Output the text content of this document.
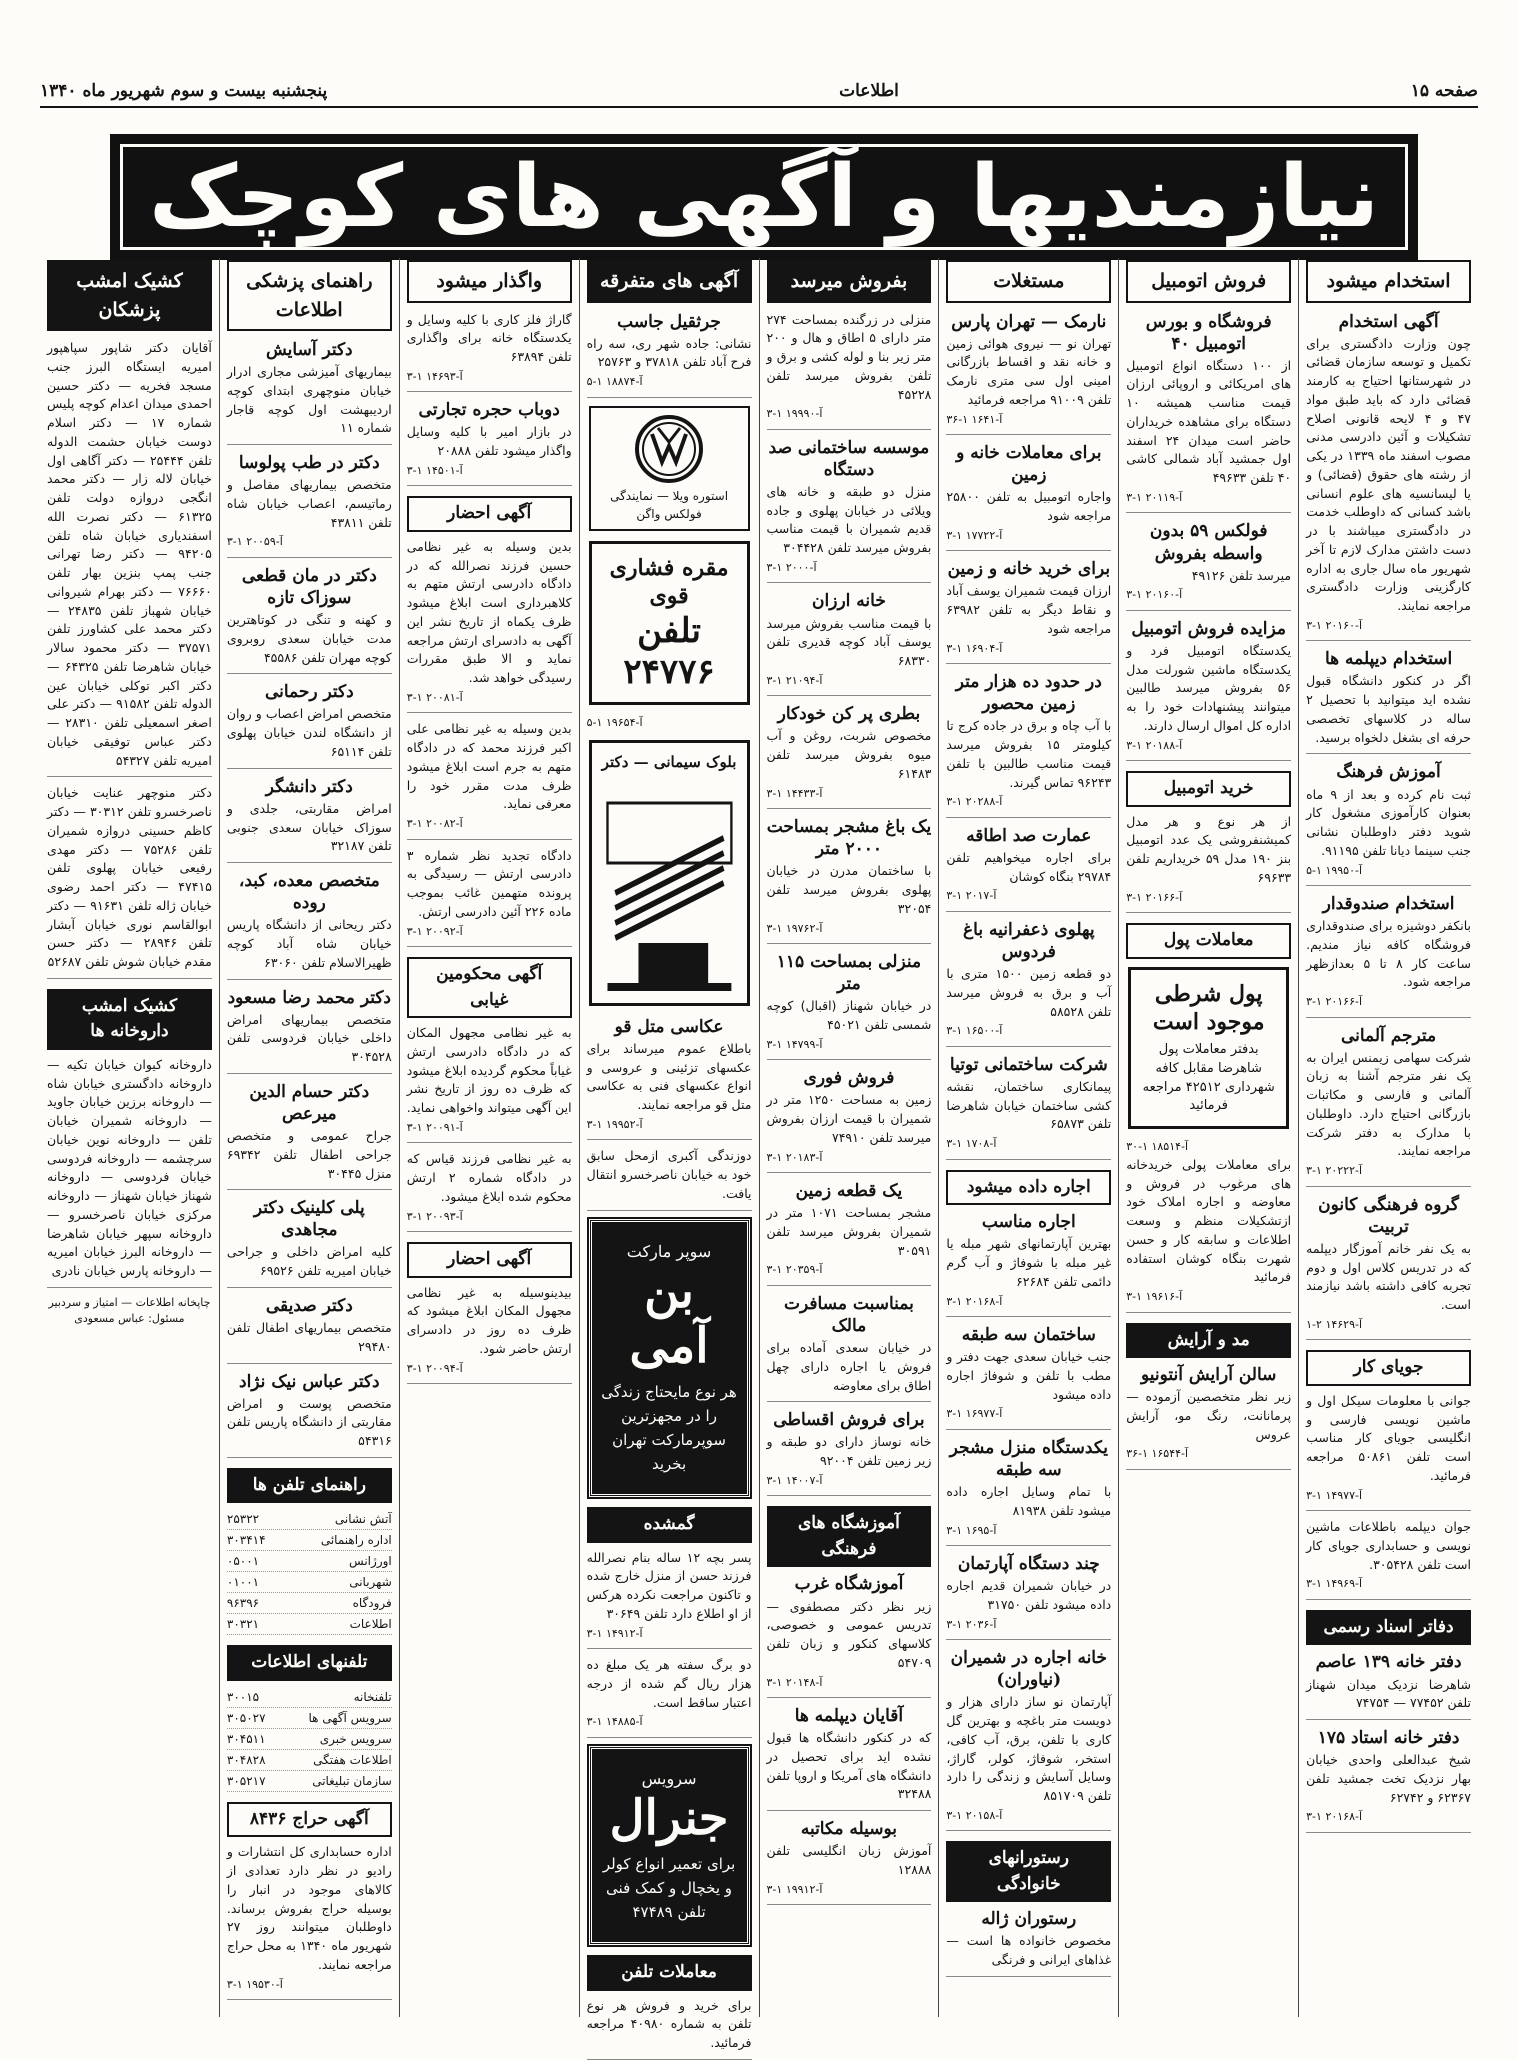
صفحه ۱۵
اطلاعات
پنجشنبه بیست و سوم شهریور ماه ۱۳۴۰
نیازمندیها و آگهی های کوچک
استخدام میشود
آگهی استخدام
چون وزارت دادگستری برای تکمیل و توسعه سازمان قضائی در شهرستانها احتیاج به کارمند قضائی دارد که باید طبق مواد ۴۷ و ۴ لایحه قانونی اصلاح تشکیلات و آئین دادرسی مدنی مصوب اسفند ماه ۱۳۳۹ در یکی از رشته های حقوق (قضائی) و یا لیسانسیه های علوم انسانی باشد کسانی که داوطلب خدمت در دادگستری میباشند با در دست داشتن مدارک لازم تا آخر شهریور ماه سال جاری به اداره کارگزینی وزارت دادگستری مراجعه نمایند.
آ-۲۰۱۶۰ ۱-۳
استخدام دیپلمه ها
اگر در کنکور دانشگاه قبول نشده اید میتوانید با تحصیل ۲ ساله در کلاسهای تخصصی حرفه ای بشغل دلخواه برسید.
آموزش فرهنگ
ثبت نام کرده و بعد از ۹ ماه بعنوان کارآموزی مشغول کار شوید دفتر داوطلبان نشانی جنب سینما دیانا تلفن ۹۱۱۹۵.
آ-۱۹۹۵۰ ۱-۵
استخدام صندوقدار
بانکفر دوشیزه برای صندوقداری فروشگاه کافه نیاز مندیم. ساعت کار ۸ تا ۵ بعدازظهر مراجعه شود.
آ-۲۰۱۶۶ ۱-۳
مترجم آلمانی
شرکت سهامی زیمنس ایران به یک نفر مترجم آشنا به زبان آلمانی و فارسی و مکاتبات بازرگانی احتیاج دارد. داوطلبان با مدارک به دفتر شرکت مراجعه نمایند.
آ-۲۰۲۲۲ ۱-۳
گروه فرهنگی کانون تربیت
به یک نفر خانم آموزگار دیپلمه که در تدریس کلاس اول و دوم تجربه کافی داشته باشد نیازمند است.
آ-۱۴۶۲۹ ۲-۱
جویای کار
جوانی با معلومات سیکل اول و ماشین نویسی فارسی و انگلیسی جویای کار مناسب است تلفن ۵۰۸۶۱ مراجعه فرمائید.
آ-۱۴۹۷۷ ۱-۳
جوان دیپلمه باطلاعات ماشین نویسی و حسابداری جویای کار است تلفن ۳۰۵۴۲۸.
آ-۱۴۹۶۹ ۱-۳
دفاتر اسناد رسمی
دفتر خانه ۱۳۹ عاصم
شاهرضا نزدیک میدان شهناز تلفن ۷۷۴۵۲ — ۷۴۷۵۴
دفتر خانه استاد ۱۷۵
شیخ عبدالعلی واحدی خیابان بهار نزدیک تخت جمشید تلفن ۶۲۳۶۷ و ۶۲۷۴۲
آ-۲۰۱۶۸ ۱-۳
فروش اتومبیل
فروشگاه و بورس اتومبیل ۴۰
از ۱۰۰ دستگاه انواع اتومبیل های امریکائی و اروپائی ارزان قیمت مناسب همیشه ۱۰ دستگاه برای مشاهده خریداران حاضر است میدان ۲۴ اسفند اول جمشید آباد شمالی کاشی ۴۰ تلفن ۴۹۶۳۳
آ-۲۰۱۱۹ ۱-۳
فولکس ۵۹ بدون واسطه بفروش
میرسد تلفن ۴۹۱۲۶
آ-۲۰۱۶۰ ۱-۳
مزایده فروش اتومبیل
یکدستگاه اتومبیل فرد و یکدستگاه ماشین شورلت مدل ۵۶ بفروش میرسد طالبین میتوانند پیشنهادات خود را به اداره کل اموال ارسال دارند.
آ-۲۰۱۸۸ ۱-۳
خرید اتومبیل
از هر نوع و هر مدل کمیشنفروشی یک عدد اتومبیل بنز ۱۹۰ مدل ۵۹ خریداریم تلفن ۶۹۶۳۳
آ-۲۰۱۶۶ ۱-۳
معاملات پول
پول شرطی
موجود است
بدفتر معاملات پول شاهرضا مقابل کافه شهرداری ۴۲۵۱۲ مراجعه فرمائید
آ-۱۸۵۱۴ ۱-۳۰
برای معاملات پولی خریدخانه های مرغوب در فروش و معاوضه و اجاره املاک خود ازتشکیلات منظم و وسعت اطلاعات و سابقه کار و حسن شهرت بنگاه کوشان استفاده فرمائید
آ-۱۹۶۱۶ ۱-۳
مد و آرایش
سالن آرایش آنتونیو
زیر نظر متخصصین آزموده — پرمانانت، رنگ مو، آرایش عروس
آ-۱۶۵۴۴ ۱-۳۶
مستغلات
نارمک — تهران پارس
تهران نو — نیروی هوائی زمین و خانه نقد و اقساط بازرگانی امینی اول سی متری نارمک تلفن ۹۱۰۰۹ مراجعه فرمائید
آ-۱۶۴۱ ۱-۳۶
برای معاملات خانه و زمین
واجاره اتومبیل به تلفن ۲۵۸۰۰ مراجعه شود
آ-۱۷۷۲۲ ۱-۳
برای خرید خانه و زمین
ارزان قیمت شمیران یوسف آباد و نقاط دیگر به تلفن ۶۳۹۸۲ مراجعه شود
آ-۱۶۹۰۴ ۱-۳
در حدود ده هزار متر زمین محصور
با آب چاه و برق در جاده کرج تا کیلومتر ۱۵ بفروش میرسد قیمت مناسب طالبین با تلفن ۹۶۲۴۳ تماس گیرند.
آ-۲۰۲۸۸ ۱-۳
عمارت صد اطاقه
برای اجاره میخواهیم تلفن ۲۹۷۸۴ بنگاه کوشان
آ-۲۰۱۷ ۱-۳
پهلوی ذعفرانیه باغ فردوس
دو قطعه زمین ۱۵۰۰ متری با آب و برق به فروش میرسد تلفن ۵۸۵۲۸
آ-۱۶۵۰۰ ۱-۳
شرکت ساختمانی توتیا
پیمانکاری ساختمان، نقشه کشی ساختمان خیابان شاهرضا تلفن ۶۵۸۷۳
آ-۱۷۰۸ ۱-۳
اجاره داده میشود
اجاره مناسب
بهترین آپارتمانهای شهر مبله یا غیر مبله با شوفاژ و آب گرم دائمی تلفن ۶۲۶۸۴
آ-۲۰۱۶۸ ۱-۳
ساختمان سه طبقه
جنب خیابان سعدی جهت دفتر و مطب با تلفن و شوفاژ اجاره داده میشود
آ-۱۶۹۷۷ ۱-۳
یکدستگاه منزل مشجر سه طبقه
با تمام وسایل اجاره داده میشود تلفن ۸۱۹۳۸
آ-۱۶۹۵ ۱-۳
چند دستگاه آپارتمان
در خیابان شمیران قدیم اجاره داده میشود تلفن ۳۱۷۵۰
آ-۲۰۳۶ ۱-۳
خانه اجاره در شمیران (نیاوران)
آپارتمان نو ساز دارای هزار و دویست متر باغچه و بهترین گل کاری با تلفن، برق، آب کافی، استخر، شوفاژ، کولر، گاراژ، وسایل آسایش و زندگی را دارد تلفن ۸۵۱۷۰۹
آ-۲۰۱۵۸ ۱-۳
رستورانهای خانوادگی
رستوران ژاله
مخصوص خانواده ها است — غذاهای ایرانی و فرنگی
بفروش میرسد
منزلی در زرگنده بمساحت ۲۷۴ متر دارای ۵ اطاق و هال و ۲۰۰ متر زیر بنا و لوله کشی و برق و تلفن بفروش میرسد تلفن ۴۵۲۲۸
آ-۱۹۹۹۰ ۱-۳
موسسه ساختمانی صد دستگاه
منزل دو طبقه و خانه های ویلائی در خیابان پهلوی و جاده قدیم شمیران با قیمت مناسب بفروش میرسد تلفن ۳۰۴۴۲۸
آ-۲۰۰۰ ۱-۳
خانه ارزان
با قیمت مناسب بفروش میرسد یوسف آباد کوچه قدیری تلفن ۶۸۳۳۰
آ-۲۱۰۹۴ ۱-۳
بطری پر کن خودکار
مخصوص شربت، روغن و آب میوه بفروش میرسد تلفن ۶۱۴۸۳
آ-۱۴۴۳۳ ۱-۳
یک باغ مشجر بمساحت ۲۰۰۰ متر
با ساختمان مدرن در خیابان پهلوی بفروش میرسد تلفن ۳۲۰۵۴
آ-۱۹۷۶۲ ۱-۳
منزلی بمساحت ۱۱۵ متر
در خیابان شهناز (اقبال) کوچه شمسی تلفن ۴۵۰۲۱
آ-۱۴۷۹۹ ۱-۳
فروش فوری
زمین به مساحت ۱۲۵۰ متر در شمیران با قیمت ارزان بفروش میرسد تلفن ۷۴۹۱۰
آ-۲۰۱۸۳ ۱-۳
یک قطعه زمین
مشجر بمساحت ۱۰۷۱ متر در شمیران بفروش میرسد تلفن ۳۰۵۹۱
آ-۲۰۳۵۹ ۱-۳
بمناسبت مسافرت مالک
در خیابان سعدی آماده برای فروش یا اجاره دارای چهل اطاق برای معاوضه
برای فروش اقساطی
خانه نوساز دارای دو طبقه و زیر زمین تلفن ۹۲۰۰۴
آ-۱۴۰۰۷ ۱-۳
آموزشگاه های فرهنگی
آموزشگاه غرب
زیر نظر دکتر مصطفوی — تدریس عمومی و خصوصی، کلاسهای کنکور و زبان تلفن ۵۴۷۰۹
آ-۲۰۱۴۸ ۱-۳
آقایان دیپلمه ها
که در کنکور دانشگاه ها قبول نشده اید برای تحصیل در دانشگاه های آمریکا و اروپا تلفن ۳۲۴۸۸
بوسیله مکاتبه
آموزش زبان انگلیسی تلفن ۱۲۸۸۸
آ-۱۹۹۱۲ ۱-۳
آگهی های متفرقه
جرثقیل جاسب
نشانی: جاده شهر ری، سه راه فرح آباد تلفن ۳۷۸۱۸ و ۲۵۷۶۳
آ-۱۸۸۷۴ ۱-۵
استوره ویلا — نمایندگی فولکس واگن
مقره فشاری قوی
تلفن ۲۴۷۷۶
آ-۱۹۶۵۴ ۱-۵
بلوک سیمانی — دکتر
عکاسی متل قو
باطلاع عموم میرساند برای عکسهای تزئینی و عروسی و انواع عکسهای فنی به عکاسی متل قو مراجعه نمایند.
آ-۱۹۹۵۲ ۱-۳
دوزندگی آکبری ازمحل سابق خود به خیابان ناصرخسرو انتقال یافت.
سوپر مارکت
بن آمی
هر نوع مایحتاج زندگی را در مجهزترین سوپرمارکت تهران بخرید
گمشده
پسر بچه ۱۲ ساله بنام نصرالله فرزند حسن از منزل خارج شده و تاکنون مراجعت نکرده هرکس از او اطلاع دارد تلفن ۳۰۶۴۹
آ-۱۴۹۱۲ ۱-۳
دو برگ سفته هر یک مبلغ ده هزار ریال گم شده از درجه اعتبار ساقط است.
آ-۱۴۸۸۵ ۱-۳
سرویس
جنرال
برای تعمیر انواع کولر و یخچال و کمک فنی تلفن ۴۷۴۸۹
معاملات تلفن
برای خرید و فروش هر نوع تلفن به شماره ۴۰۹۸۰ مراجعه فرمائید.
واگذار میشود
گاراژ فلز کاری با کلیه وسایل و یکدستگاه خانه برای واگذاری تلفن ۶۳۸۹۴
آ-۱۴۶۹۳ ۱-۳
دوباب حجره تجارتی
در بازار امیر با کلیه وسایل واگذار میشود تلفن ۲۰۸۸۸
آ-۱۴۵۰۱ ۱-۳
آگهی احضار
بدین وسیله به غیر نظامی حسین فرزند نصرالله که در دادگاه دادرسی ارتش متهم به کلاهبرداری است ابلاغ میشود ظرف یکماه از تاریخ نشر این آگهی به دادسرای ارتش مراجعه نماید و الا طبق مقررات رسیدگی خواهد شد.
آ-۲۰۰۸۱ ۱-۳
بدین وسیله به غیر نظامی علی اکبر فرزند محمد که در دادگاه متهم به جرم است ابلاغ میشود ظرف مدت مقرر خود را معرفی نماید.
آ-۲۰۰۸۲ ۱-۳
دادگاه تجدید نظر شماره ۳ دادرسی ارتش — رسیدگی به پرونده متهمین غائب بموجب ماده ۲۲۶ آئین دادرسی ارتش.
آ-۲۰۰۹۲ ۱-۳
آگهی محکومین غیابی
به غیر نظامی مجهول المکان که در دادگاه دادرسی ارتش غیاباً محکوم گردیده ابلاغ میشود که ظرف ده روز از تاریخ نشر این آگهی میتواند واخواهی نماید.
آ-۲۰۰۹۱ ۱-۳
به غیر نظامی فرزند قیاس که در دادگاه شماره ۲ ارتش محکوم شده ابلاغ میشود.
آ-۲۰۰۹۳ ۱-۳
آگهی احضار
بیدینوسیله به غیر نظامی مجهول المکان ابلاغ میشود که ظرف ده روز در دادسرای ارتش حاضر شود.
آ-۲۰۰۹۴ ۱-۳
راهنمای پزشکی اطلاعات
دکتر آسایش
بیماریهای آمیزشی مجاری ادرار خیابان منوچهری ابتدای کوچه اردیبهشت اول کوچه قاجار شماره ۱۱
دکتر در طب پولوسا
متخصص بیماریهای مفاصل و رماتیسم، اعصاب خیابان شاه تلفن ۴۳۸۱۱
آ-۲۰۰۵۹ ۱-۳
دکتر در مان قطعی سوزاک تازه
و کهنه و تنگی در کوتاهترین مدت خیابان سعدی روبروی کوچه مهران تلفن ۴۵۵۸۶
دکتر رحمانی
متخصص امراض اعصاب و روان از دانشگاه لندن خیابان پهلوی تلفن ۶۵۱۱۴
دکتر دانشگر
امراض مقاربتی، جلدی و سوزاک خیابان سعدی جنوبی تلفن ۳۲۱۸۷
متخصص معده، کبد، روده
دکتر ریحانی از دانشگاه پاریس خیابان شاه آباد کوچه ظهیرالاسلام تلفن ۶۳۰۶۰
دکتر محمد رضا مسعود
متخصص بیماریهای امراض داخلی خیابان فردوسی تلفن ۳۰۴۵۲۸
دکتر حسام الدین میرعص
جراح عمومی و متخصص جراحی اطفال تلفن ۶۹۳۴۲ منزل ۳۰۴۴۵
پلی کلینیک دکتر مجاهدی
کلیه امراض داخلی و جراحی خیابان امیریه تلفن ۶۹۵۲۶
دکتر صدیقی
متخصص بیماریهای اطفال تلفن ۲۹۴۸۰
دکتر عباس نیک نژاد
متخصص پوست و امراض مقاربتی از دانشگاه پاریس تلفن ۵۴۳۱۶
راهنمای تلفن ها
آتش نشانی
۲۵۳۲۲
اداره راهنمائی
۳۰۳۴۱۴
اورژانس
۰۵۰۰۱
شهربانی
۰۱۰۰۱
فرودگاه
۹۶۳۹۶
اطلاعات
۳۰۳۲۱
تلفنهای اطلاعات
تلفنخانه
۳۰۰۱۵
سرویس آگهی ها
۳۰۵۰۲۷
سرویس خبری
۳۰۴۵۱۱
اطلاعات هفتگی
۳۰۴۸۲۸
سازمان تبلیغاتی
۳۰۵۲۱۷
آگهی حراج ۸۴۳۶
اداره حسابداری کل انتشارات و رادیو در نظر دارد تعدادی از کالاهای موجود در انبار را بوسیله حراج بفروش برساند. داوطلبان میتوانند روز ۲۷ شهریور ماه ۱۳۴۰ به محل حراج مراجعه نمایند.
آ-۱۹۵۳۰ ۱-۳
کشیک امشب پزشکان
آقایان دکتر شاپور سپاهپور امیریه ایستگاه البرز جنب مسجد فخریه — دکتر حسین احمدی میدان اعدام کوچه پلیس شماره ۱۷ — دکتر اسلام دوست خیابان حشمت الدوله تلفن ۲۵۴۴۴ — دکتر آگاهی اول خیابان لاله زار — دکتر محمد انگجی دروازه دولت تلفن ۶۱۳۲۵ — دکتر نصرت الله اسفندیاری خیابان شاه تلفن ۹۴۲۰۵ — دکتر رضا تهرانی جنب پمپ بنزین بهار تلفن ۷۶۶۶۰ — دکتر بهرام شیروانی خیابان شهباز تلفن ۲۴۸۳۵ — دکتر محمد علی کشاورز تلفن ۳۷۵۷۱ — دکتر محمود سالار خیابان شاهرضا تلفن ۶۴۳۲۵ — دکتر اکبر توکلی خیابان عین الدوله تلفن ۹۱۵۸۲ — دکتر علی اصغر اسمعیلی تلفن ۲۸۳۱۰ — دکتر عباس توفیقی خیابان امیریه تلفن ۵۴۳۲۷
دکتر منوچهر عنایت خیابان ناصرخسرو تلفن ۳۰۳۱۲ — دکتر کاظم حسینی دروازه شمیران تلفن ۷۵۲۸۶ — دکتر مهدی رفیعی خیابان پهلوی تلفن ۴۷۴۱۵ — دکتر احمد رضوی خیابان ژاله تلفن ۹۱۶۳۱ — دکتر ابوالقاسم نوری خیابان آبشار تلفن ۲۸۹۴۶ — دکتر حسن مقدم خیابان شوش تلفن ۵۲۶۸۷
کشیک امشب داروخانه ها
داروخانه کیوان خیابان تکیه — داروخانه دادگستری خیابان شاه — داروخانه برزین خیابان جاوید — داروخانه شمیران خیابان تلفن — داروخانه نوین خیابان سرچشمه — داروخانه فردوسی خیابان فردوسی — داروخانه شهناز خیابان شهناز — داروخانه مرکزی خیابان ناصرخسرو — داروخانه سپهر خیابان شاهرضا — داروخانه البرز خیابان امیریه — داروخانه پارس خیابان نادری
چاپخانه اطلاعات — امتیاز و سردبیر مسئول: عباس مسعودی
